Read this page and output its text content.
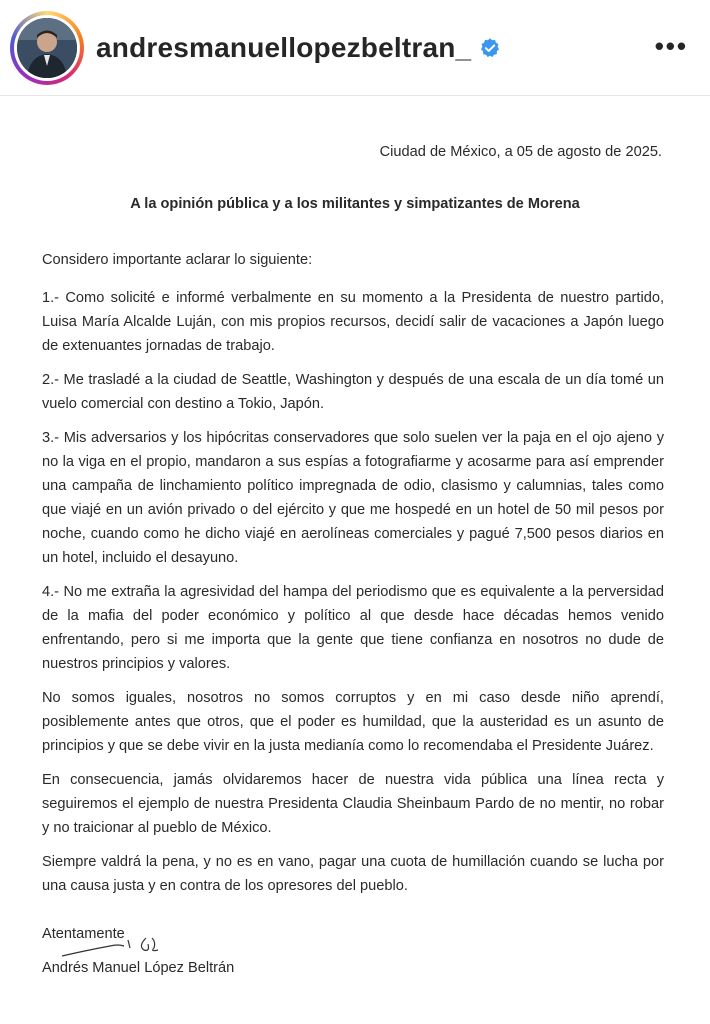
andresmanuellopezbeltran_	•••

Ciudad de México, a 05 de agosto de 2025.

A la opinión pública y a los militantes y simpatizantes de Morena

Considero importante aclarar lo siguiente:

1.- Como solicité e informé verbalmente en su momento a la Presidenta de nuestro partido, Luisa María Alcalde Luján, con mis propios recursos, decidí salir de vacaciones a Japón luego de extenuantes jornadas de trabajo.

2.- Me trasladé a la ciudad de Seattle, Washington y después de una escala de un día tomé un vuelo comercial con destino a Tokio, Japón.

3.- Mis adversarios y los hipócritas conservadores que solo suelen ver la paja en el ojo ajeno y no la viga en el propio, mandaron a sus espías a fotografiarme y acosarme para así emprender una campaña de linchamiento político impregnada de odio, clasismo y calumnias, tales como que viajé en un avión privado o del ejército y que me hospedé en un hotel de 50 mil pesos por noche, cuando como he dicho viajé en aerolíneas comerciales y pagué 7,500 pesos diarios en un hotel, incluido el desayuno.

4.- No me extraña la agresividad del hampa del periodismo que es equivalente a la perversidad de la mafia del poder económico y político al que desde hace décadas hemos venido enfrentando, pero si me importa que la gente que tiene confianza en nosotros no dude de nuestros principios y valores.

No somos iguales, nosotros no somos corruptos y en mi caso desde niño aprendí, posiblemente antes que otros, que el poder es humildad, que la austeridad es un asunto de principios y que se debe vivir en la justa medianía como lo recomendaba el Presidente Juárez.

En consecuencia, jamás olvidaremos hacer de nuestra vida pública una línea recta y seguiremos el ejemplo de nuestra Presidenta Claudia Sheinbaum Pardo de no mentir, no robar y no traicionar al pueblo de México.

Siempre valdrá la pena, y no es en vano, pagar una cuota de humillación cuando se lucha por una causa justa y en contra de los opresores del pueblo.

Atentamente
Andrés Manuel López Beltrán
